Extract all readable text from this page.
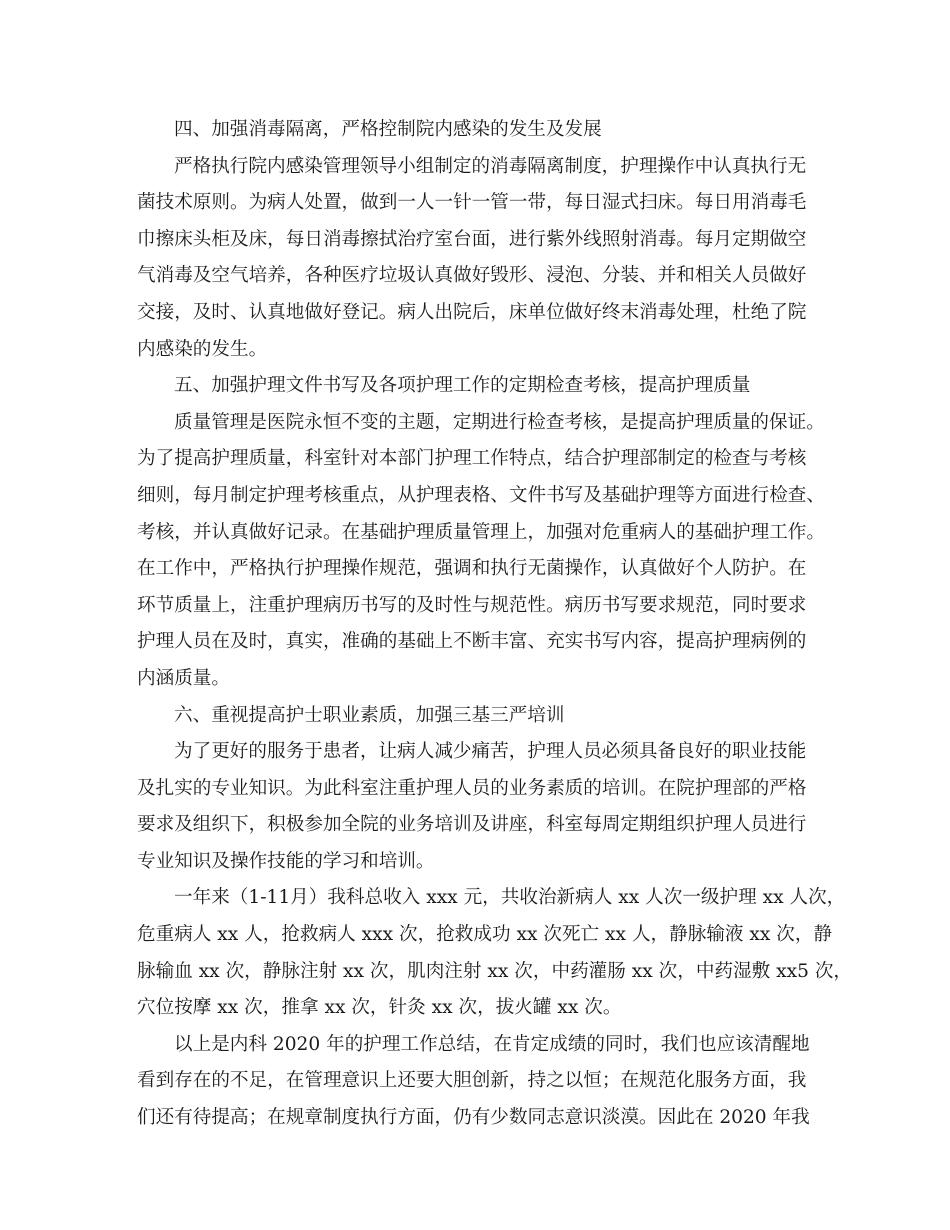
四、加强消毒隔离，严格控制院内感染的发生及发展
严格执行院内感染管理领导小组制定的消毒隔离制度，护理操作中认真执行无
菌技术原则。为病人处置，做到一人一针一管一带，每日湿式扫床。每日用消毒毛
巾擦床头柜及床，每日消毒擦拭治疗室台面，进行紫外线照射消毒。每月定期做空
气消毒及空气培养，各种医疗垃圾认真做好毁形、浸泡、分装、并和相关人员做好
交接，及时、认真地做好登记。病人出院后，床单位做好终末消毒处理，杜绝了院
内感染的发生。
五、加强护理文件书写及各项护理工作的定期检查考核，提高护理质量
质量管理是医院永恒不变的主题，定期进行检查考核，是提高护理质量的保证。
为了提高护理质量，科室针对本部门护理工作特点，结合护理部制定的检查与考核
细则，每月制定护理考核重点，从护理表格、文件书写及基础护理等方面进行检查、
考核，并认真做好记录。在基础护理质量管理上，加强对危重病人的基础护理工作。
在工作中，严格执行护理操作规范，强调和执行无菌操作，认真做好个人防护。在
环节质量上，注重护理病历书写的及时性与规范性。病历书写要求规范，同时要求
护理人员在及时，真实，准确的基础上不断丰富、充实书写内容，提高护理病例的
内涵质量。
六、重视提高护士职业素质，加强三基三严培训
为了更好的服务于患者，让病人减少痛苦，护理人员必须具备良好的职业技能
及扎实的专业知识。为此科室注重护理人员的业务素质的培训。在院护理部的严格
要求及组织下，积极参加全院的业务培训及讲座，科室每周定期组织护理人员进行
专业知识及操作技能的学习和培训。
一年来（1-11月）我科总收入 xxx 元，共收治新病人 xx 人次一级护理 xx 人次，
危重病人 xx 人，抢救病人 xxx 次，抢救成功 xx 次死亡 xx 人，静脉输液 xx 次，静
脉输血 xx 次，静脉注射 xx 次，肌肉注射 xx 次，中药灌肠 xx 次，中药湿敷 xx5 次，
穴位按摩 xx 次，推拿 xx 次，针灸 xx 次，拔火罐 xx 次。
以上是内科 2020 年的护理工作总结，在肯定成绩的同时，我们也应该清醒地
看到存在的不足，在管理意识上还要大胆创新，持之以恒；在规范化服务方面，我
们还有待提高；在规章制度执行方面，仍有少数同志意识淡漠。因此在 2020 年我
